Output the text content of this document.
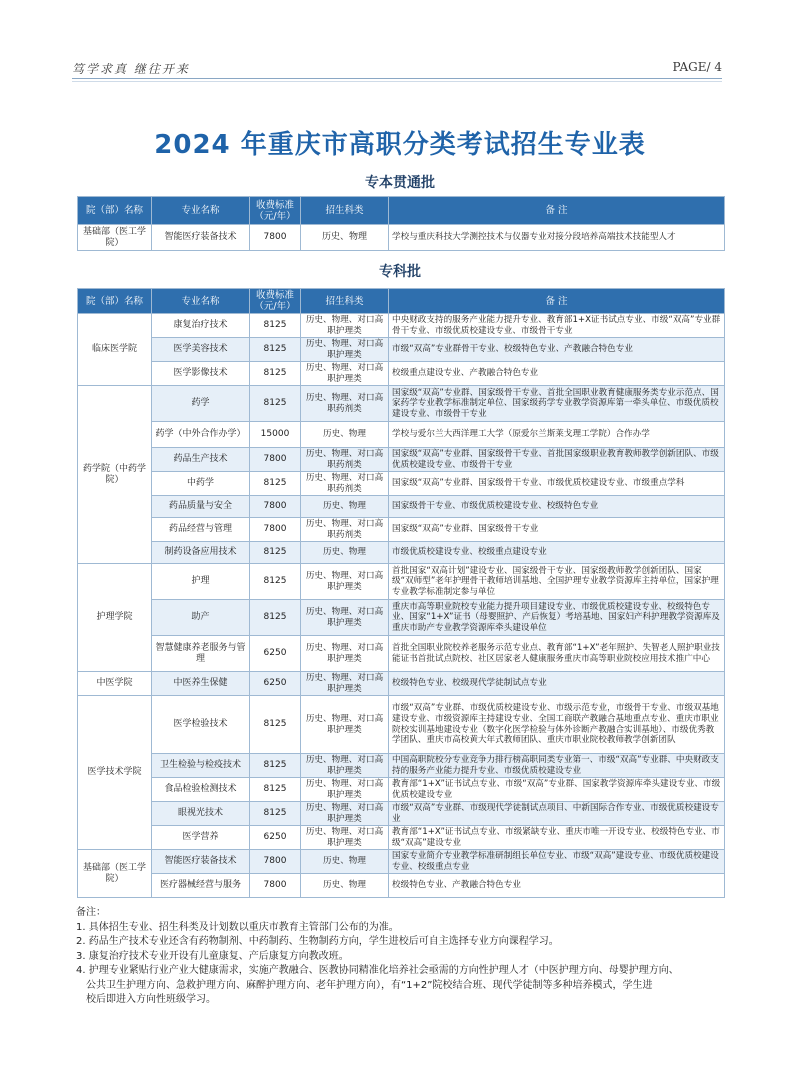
笃学求真 继往开来	PAGE/ 4
2024 年重庆市高职分类考试招生专业表
专本贯通批
院（部）名称	专业名称	收费标准（元/年）	招生科类	备 注
基础部（医工学院）	智能医疗装备技术	7800	历史、物理	学校与重庆科技大学测控技术与仪器专业对接分段培养高端技术技能型人才
专科批
院（部）名称	专业名称	收费标准（元/年）	招生科类	备 注
临床医学院	康复治疗技术	8125	历史、物理、对口高职护理类	中央财政支持的服务产业能力提升专业、教育部1+X证书试点专业、市级“双高”专业群骨干专业、市级优质校建设专业、市级骨干专业
	医学美容技术	8125	历史、物理、对口高职护理类	市级“双高”专业群骨干专业、校级特色专业、产教融合特色专业
	医学影像技术	8125	历史、物理、对口高职护理类	校级重点建设专业、产教融合特色专业
药学院（中药学院）	药学	8125	历史、物理、对口高职药剂类	国家级“双高”专业群、国家级骨干专业、首批全国职业教育健康服务类专业示范点、国家药学专业教学标准制定单位、国家级药学专业教学资源库第一牵头单位、市级优质校建设专业、市级骨干专业
	药学（中外合作办学）	15000	历史、物理	学校与爱尔兰大西洋理工大学（原爱尔兰斯莱戈理工学院）合作办学
	药品生产技术	7800	历史、物理、对口高职药剂类	国家级“双高”专业群、国家级骨干专业、首批国家级职业教育教师教学创新团队、市级优质校建设专业、市级骨干专业
	中药学	8125	历史、物理、对口高职药剂类	国家级“双高”专业群、国家级骨干专业、市级优质校建设专业、市级重点学科
	药品质量与安全	7800	历史、物理	国家级骨干专业、市级优质校建设专业、校级特色专业
	药品经营与管理	7800	历史、物理、对口高职药剂类	国家级“双高”专业群、国家级骨干专业
	制药设备应用技术	8125	历史、物理	市级优质校建设专业、校级重点建设专业
护理学院	护理	8125	历史、物理、对口高职护理类	首批国家“双高计划”建设专业、国家级骨干专业、国家级教师教学创新团队、国家级“双师型”老年护理骨干教师培训基地、全国护理专业教学资源库主持单位，国家护理专业教学标准制定参与单位
	助产	8125	历史、物理、对口高职护理类	重庆市高等职业院校专业能力提升项目建设专业、市级优质校建设专业、校级特色专业、国家“1+X”证书（母婴照护、产后恢复）考培基地、国家妇产科护理教学资源库及重庆市助产专业教学资源库牵头建设单位
	智慧健康养老服务与管理	6250	历史、物理、对口高职护理类	首批全国职业院校养老服务示范专业点、教育部“1+X”老年照护、失智老人照护职业技能证书首批试点院校、社区居家老人健康服务重庆市高等职业院校应用技术推广中心
中医学院	中医养生保健	6250	历史、物理、对口高职护理类	校级特色专业、校级现代学徒制试点专业
医学技术学院	医学检验技术	8125	历史、物理、对口高职护理类	市级“双高”专业群、市级优质校建设专业、市级示范专业，市级骨干专业、市级双基地建设专业、市级资源库主持建设专业、全国工商联产教融合基地重点专业、重庆市职业院校实训基地建设专业（数字化医学检验与体外诊断产教融合实训基地）、市级优秀教学团队、重庆市高校黄大年式教师团队、重庆市职业院校教师教学创新团队
	卫生检验与检疫技术	8125	历史、物理、对口高职护理类	中国高职院校分专业竞争力排行榜高职同类专业第一、市级“双高”专业群、中央财政支持的服务产业能力提升专业、市级优质校建设专业
	食品检验检测技术	8125	历史、物理、对口高职护理类	教育部“1+X”证书试点专业、市级“双高”专业群、国家教学资源库牵头建设专业、市级优质校建设专业
	眼视光技术	8125	历史、物理、对口高职护理类	市级“双高”专业群、市级现代学徒制试点项目、中新国际合作专业、市级优质校建设专业
	医学营养	6250	历史、物理、对口高职护理类	教育部“1+X”证书试点专业、市级紧缺专业、重庆市唯一开设专业、校级特色专业、市级“双高”建设专业
基础部（医工学院）	智能医疗装备技术	7800	历史、物理	国家专业简介专业教学标准研制组长单位专业、市级“双高”建设专业、市级优质校建设专业、校级重点专业
	医疗器械经营与服务	7800	历史、物理	校级特色专业、产教融合特色专业
备注：
1. 具体招生专业、招生科类及计划数以重庆市教育主管部门公布的为准。
2. 药品生产技术专业还含有药物制剂、中药制药、生物制药方向，学生进校后可自主选择专业方向课程学习。
3. 康复治疗技术专业开设有儿童康复、产后康复方向教改班。
4. 护理专业紧贴行业产业大健康需求，实施产教融合、医教协同精准化培养社会亟需的方向性护理人才（中医护理方向、母婴护理方向、
公共卫生护理方向、急救护理方向、麻醉护理方向、老年护理方向），有“1+2”院校结合班、现代学徒制等多种培养模式，学生进
校后即进入方向性班级学习。
